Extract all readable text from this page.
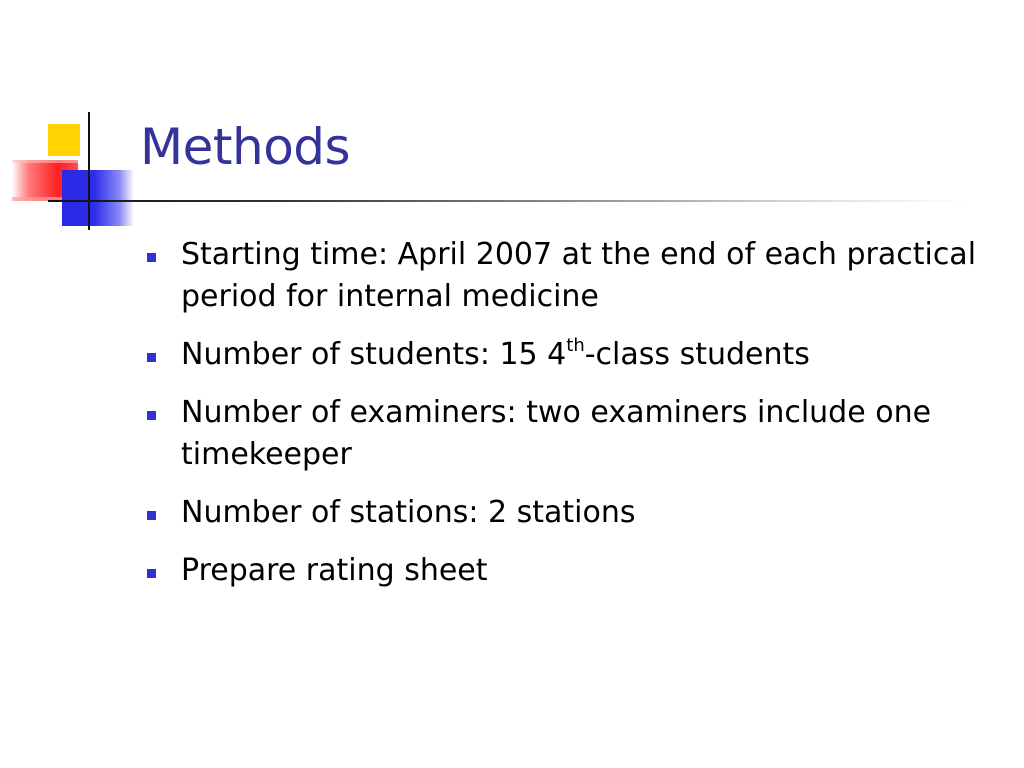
Methods
Starting time: April 2007 at the end of each practical period for internal medicine
Number of students: 15 4th-class students
Number of examiners: two examiners include one timekeeper
Number of stations: 2 stations
Prepare rating sheet
